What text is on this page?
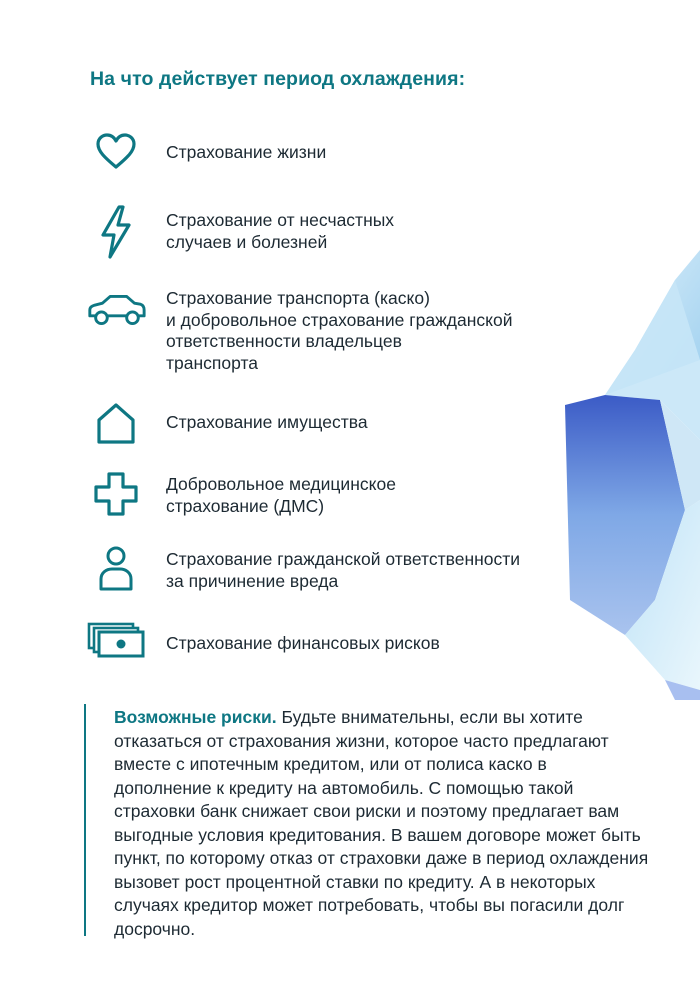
На что действует период охлаждения:
Страхование жизни
Страхование от несчастных
случаев и болезней
Страхование транспорта (каско)
и добровольное страхование гражданской
ответственности владельцев
транспорта
Страхование имущества
Добровольное медицинское
страхование (ДМС)
Страхование гражданской ответственности
за причинение вреда
Страхование финансовых рисков

Возможные риски. Будьте внимательны, если вы хотите отказаться от страхования жизни, которое часто предлагают вместе с ипотечным кредитом, или от полиса каско в дополнение к кредиту на автомобиль. С помощью такой страховки банк снижает свои риски и поэтому предлагает вам выгодные условия кредитования. В вашем договоре может быть пункт, по которому отказ от страховки даже в период охлаждения вызовет рост процентной ставки по кредиту. А в некоторых случаях кредитор может потребовать, чтобы вы погасили долг досрочно.
